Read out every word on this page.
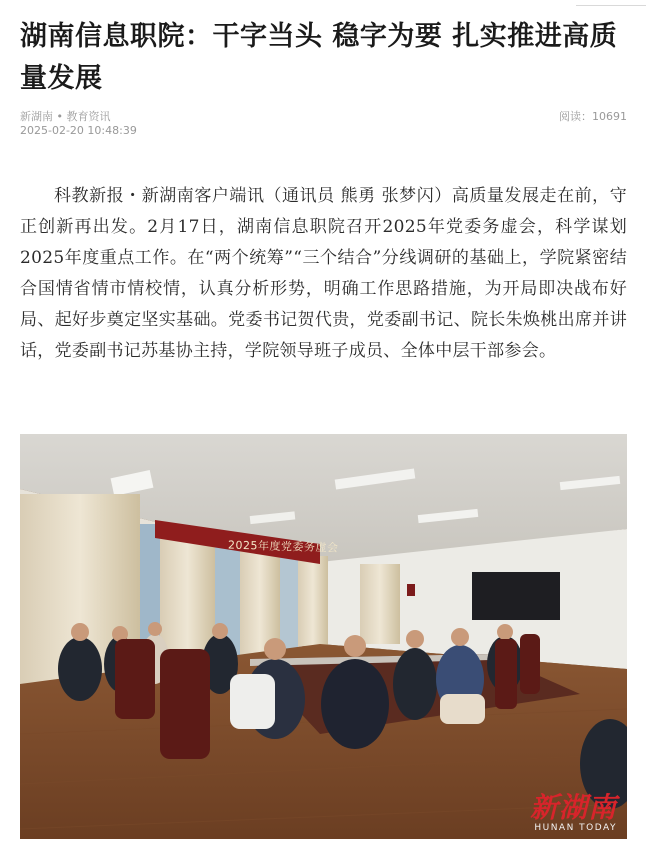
湖南信息职院：干字当头 稳字为要 扎实推进高质量发展
新湖南 • 教育资讯	阅读：10691
2025-02-20 10:48:39

科教新报・新湖南客户端讯（通讯员 熊勇 张梦闪）高质量发展走在前，守正创新再出发。2月17日，湖南信息职院召开2025年党委务虚会，科学谋划2025年度重点工作。在“两个统筹”“三个结合”分线调研的基础上，学院紧密结合国情省情市情校情，认真分析形势，明确工作思路措施，为开局即决战布好局、起好步奠定坚实基础。党委书记贺代贵，党委副书记、院长朱焕桃出席并讲话，党委副书记苏基协主持，学院领导班子成员、全体中层干部参会。

2025年度党委务虚会
新湖南
HUNAN TODAY
